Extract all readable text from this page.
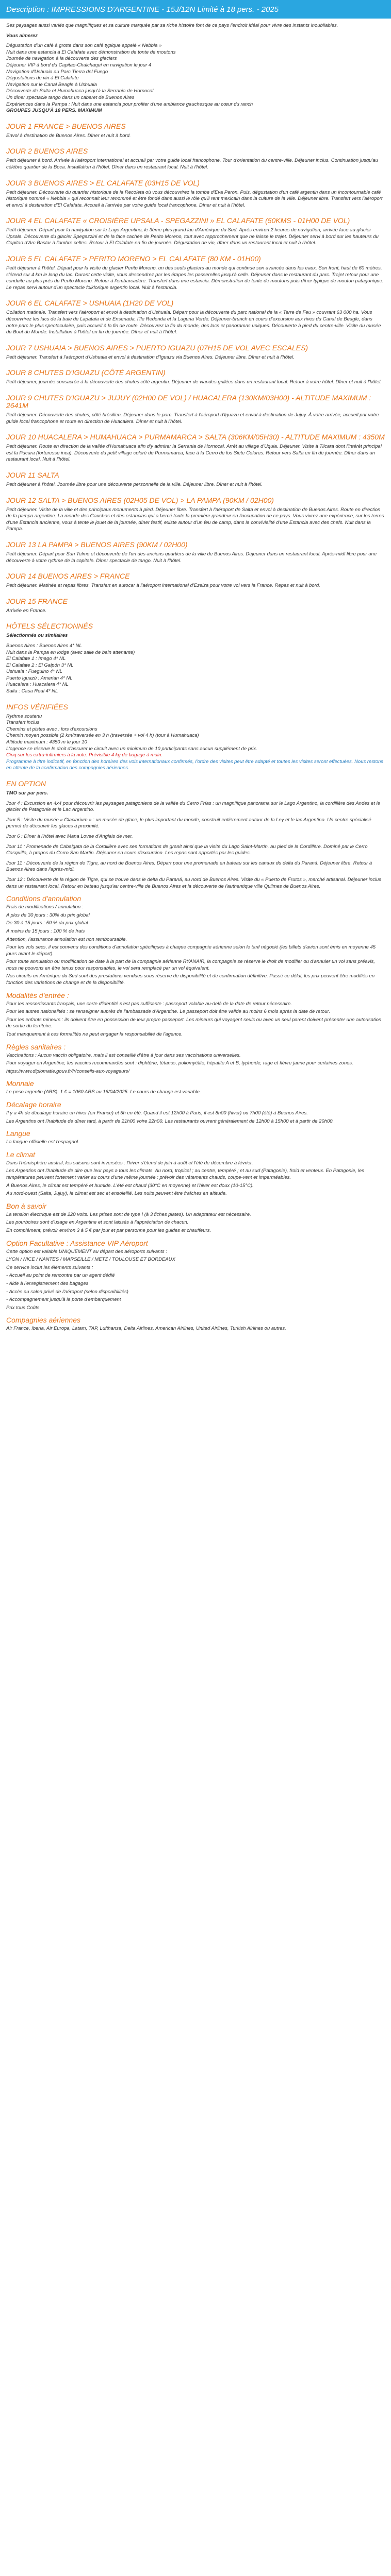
Description : IMPRESSIONS D'ARGENTINE - 15J/12N Limité à 18 pers. - 2025

Ses paysages aussi variés que magnifiques et sa culture marquée par sa riche histoire font de ce pays l'endroit idéal pour vivre des instants inoubliables.

Vous aimerez

Dégustation d'un café à grotte dans son café typique appelé « Nebbia »

Nuit dans une estancia à El Calafate avec démonstration de tonte de moutons

Journée de navigation à la découverte des glaciers

Déjeuner VIP à bord du Capitao-Chalchaquí en navigation le jour 4

Navigation d'Ushuaia au Parc Tierra del Fuego

Dégustations de vin à El Calafate

Navigation sur le Canal Beagle à Ushuaia

Découverte de Salta et Humahuaca jusqu'à la Serrania de Hornocal

Un dîner spectacle tango dans un cabaret de Buenos Aires

Expériences dans la Pampa : Nuit dans une estancia pour profiter d'une ambiance gauchesque au cœur du ranch

GROUPES JUSQU'À 18 PERS. MAXIMUM

JOUR 1 FRANCE > BUENOS AIRES

Envol à destination de Buenos Aires. Dîner et nuit à bord.

JOUR 2 BUENOS AIRES

Petit déjeuner à bord. Arrivée à l'aéroport international et accueil par votre guide local francophone. Tour d'orientation du centre-ville. Déjeuner inclus. Continuation jusqu'au célèbre quartier de la Boca. Installation à l'hôtel. Dîner dans un restaurant local. Nuit à l'hôtel.

JOUR 3 BUENOS AIRES > EL CALAFATE (03H15 DE VOL)

Petit déjeuner. Découverte du quartier historique de la Recoleta où vous découvrirez la tombe d'Eva Peron. Puis, dégustation d'un café argentin dans un incontournable café historique nommé « Nebbia » qui reconnait leur renommé et être fondé dans aussi le rôle qu'il rent mexicain dans la culture de la ville. Déjeuner libre. Transfert vers l'aéroport et envol à destination d'El Calafate. Accueil à l'arrivée par votre guide local francophone. Dîner et nuit à l'hôtel.

JOUR 4 EL CALAFATE « CROISIÈRE UPSALA - SPEGAZZINI » EL CALAFATE (50KMS - 01H00 DE VOL)

Petit déjeuner. Départ pour la navigation sur le Lago Argentino, le 3ème plus grand lac d'Amérique du Sud. Après environ 2 heures de navigation, arrivée face au glacier Upsala. Découverte du glacier Spegazzini et de la face cachée de Perito Moreno, tout avec rapprochement que ne laisse le trajet. Déjeuner servi à bord sur les hauteurs du Capitao d'Arc Bastar à l'ombre celtes. Retour à El Calafate en fin de journée. Dégustation de vin, dîner dans un restaurant local et nuit à l'hôtel.

JOUR 5 EL CALAFATE > PERITO MORENO > EL CALAFATE (80 KM - 01H00)

Petit déjeuner à l'hôtel. Départ pour la visite du glacier Perito Moreno, un des seuls glaciers au monde qui continue son avancée dans les eaux. Son front, haut de 60 mètres, s'étend sur 4 km le long du lac. Durant cette visite, vous descendrez par les étapes les passerelles jusqu'à celle. Déjeuner dans le restaurant du parc. Trajet retour pour une conduite au plus près du Perito Moreno. Retour à l'embarcadère. Transfert dans une estancia. Démonstration de tonte de moutons puis dîner typique de mouton patagonique. Le repas servi autour d'un spectacle folklorique argentin local. Nuit à l'estancia.

JOUR 6 EL CALAFATE > USHUAIA (1H20 DE VOL)

Collation matinale. Transfert vers l'aéroport et envol à destination d'Ushuaia. Départ pour la découverte du parc national de la « Terre de Feu » couvrant 63 000 ha. Vous découvrirez les lacs de la baie de Lapataia et de Ensenada, l'île Redonda et la Laguna Verde. Déjeuner-brunch en cours d'excursion aux rives du Canal de Beagle, dans notre parc le plus spectaculaire, puis accueil à la fin de route. Découvrez la fin du monde, des lacs et panoramas uniques. Découverte à pied du centre-ville. Visite du musée du Bout du Monde. Installation à l'hôtel en fin de journée. Dîner et nuit à l'hôtel.

JOUR 7 USHUAIA > BUENOS AIRES > PUERTO IGUAZU (07H15 DE VOL AVEC ESCALES)

Petit déjeuner. Transfert à l'aéroport d'Ushuaia et envol à destination d'Iguazu via Buenos Aires. Déjeuner libre. Dîner et nuit à l'hôtel.

JOUR 8 CHUTES D'IGUAZU (CÔTÉ ARGENTIN)

Petit déjeuner, journée consacrée à la découverte des chutes côté argentin. Déjeuner de viandes grillées dans un restaurant local. Retour à votre hôtel. Dîner et nuit à l'hôtel.

JOUR 9 CHUTES D'IGUAZU > JUJUY (02H00 DE VOL) / HUACALERA (130KM/03H00) - ALTITUDE MAXIMUM : 2641M

Petit déjeuner. Découverte des chutes, côté brésilien. Déjeuner dans le parc. Transfert à l'aéroport d'Iguazu et envol à destination de Jujuy. À votre arrivée, accueil par votre guide local francophone et route en direction de Huacalera. Dîner et nuit à l'hôtel.

JOUR 10 HUACALERA > HUMAHUACA > PURMAMARCA > SALTA (306KM/05H30) - ALTITUDE MAXIMUM : 4350M

Petit déjeuner. Route en direction de la vallée d'Humahuaca afin d'y admirer la Serrania de Hornocal. Arrêt au village d'Uquia. Déjeuner. Visite à Tilcara dont l'intérêt principal est la Pucara (forteresse inca). Découverte du petit village coloré de Purmamarca, face à la Cerro de los Siete Colores. Retour vers Salta en fin de journée. Dîner dans un restaurant local. Nuit à l'hôtel.

JOUR 11 SALTA

Petit déjeuner à l'hôtel. Journée libre pour une découverte personnelle de la ville. Déjeuner libre. Dîner et nuit à l'hôtel.

JOUR 12 SALTA > BUENOS AIRES (02H05 DE VOL) > LA PAMPA (90KM / 02H00)

Petit déjeuner. Visite de la ville et des principaux monuments à pied. Déjeuner libre. Transfert à l'aéroport de Salta et envol à destination de Buenos Aires. Route en direction de la pampa argentine. La monde des Gauchos et des estancias qui a bercé toute la première grandeur en l'occupation de ce pays. Vous vivrez une expérience, sur les terres d'une Estancia ancienne, vous à tente le jouet de la journée, dîner festif, existe autour d'un feu de camp, dans la convivialité d'une Estancia avec des chefs. Nuit dans la Pampa.

JOUR 13 LA PAMPA > BUENOS AIRES (90KM / 02H00)

Petit déjeuner. Départ pour San Telmo et découverte de l'un des anciens quartiers de la ville de Buenos Aires. Déjeuner dans un restaurant local. Après-midi libre pour une découverte à votre rythme de la capitale. Dîner spectacle de tango. Nuit à l'hôtel.

JOUR 14 BUENOS AIRES > FRANCE

Petit déjeuner. Matinée et repas libres. Transfert en autocar à l'aéroport international d'Ezeiza pour votre vol vers la France. Repas et nuit à bord.

JOUR 15 FRANCE

Arrivée en France.

HÔTELS SÉLECTIONNÉS

Sélectionnés ou similaires

Buenos Aires : Buenos Aires 4* NL
Nuit dans la Pampa en lodge (avec salle de bain attenante)
El Calafate 1 : Imago 4* NL
El Calafate 2 : El Galpón 3* NL
Ushuaia : Fueguino 4* NL
Puerto Iguazú : Amerian 4* NL
Huacalera : Huacalera 4* NL
Salta : Casa Real 4* NL
INFOS VÉRIFIÉES

Rythme soutenu

Transfert inclus

Chemins et pistes avec : lors d'excursions

Chemin moyen possible (2 km/traversée en 3 h (traversée + vol 4 h) (tour à Humahuaca)

Altitude maximum : 4350 m le jour 10

L'agence se réserve le droit d'assurer le circuit avec un minimum de 10 participants sans aucun supplément de prix.

Cinq sur les extra-infirmiers à la note. Prévisible 4 kg de bagage à main.

Programme à titre indicatif, en fonction des horaires des vols internationaux confirmés, l'ordre des visites peut être adapté et toutes les visites seront effectuées. Nous restons en attente de la confirmation des compagnies aériennes.

EN OPTION

TMO sur par pers.

Jour 4 : Excursion en 4x4 pour découvrir les paysages patagoniens de la vallée du Cerro Frías : un magnifique panorama sur le Lago Argentino, la cordillère des Andes et le glacier de Patagonie et le Lac Argentino.

Jour 5 : Visite du musée « Glaciarium » : un musée de glace, le plus important du monde, construit entièrement autour de la Ley et le lac Argentino. Un centre spécialisé permet de découvrir les glaces à proximité.

Jour 6 : Dîner à l'hôtel avec Mana Lovee d'Anglais de mer.

Jour 11 : Promenade de Cabalgata de la Cordillère avec ses formations de granit ainsi que la visite du Lago Saint-Martín, au pied de la Cordillère. Dominé par le Cerro Casquillo, à propos du Cerro San Martin. Déjeuner en cours d'excursion. Les repas sont apportés par les guides.

Jour 11 : Découverte de la région de Tigre, au nord de Buenos Aires. Départ pour une promenade en bateau sur les canaux du delta du Paraná. Déjeuner libre. Retour à Buenos Aires dans l'après-midi.

Jour 12 : Découverte de la région de Tigre, qui se trouve dans le delta du Paraná, au nord de Buenos Aires. Visite du « Puerto de Frutos », marché artisanal. Déjeuner inclus dans un restaurant local. Retour en bateau jusqu'au centre-ville de Buenos Aires et la découverte de l'authentique ville Quilmes de Buenos Aires.

Conditions d'annulation

Frais de modifications / annulation :

A plus de 30 jours : 30% du prix global

De 30 à 15 jours : 50 % du prix global

A moins de 15 jours : 100 % de frais

Attention, l'assurance annulation est non remboursable.

Pour les vols secs, il est convenu des conditions d'annulation spécifiques à chaque compagnie aérienne selon le tarif négocié (les billets d'avion sont émis en moyenne 45 jours avant le départ).

Pour toute annulation ou modification de date à la part de la compagnie aérienne RYANAIR, la compagnie se réserve le droit de modifier ou d'annuler un vol sans préavis, nous ne pouvons en être tenus pour responsables, le vol sera remplacé par un vol équivalent.

Nos circuits en Amérique du Sud sont des prestations vendues sous réserve de disponibilité et de confirmation définitive. Passé ce délai, les prix peuvent être modifiés en fonction des variations de change et de la disponibilité.

Modalités d'entrée :

Pour les ressortissants français, une carte d'identité n'est pas suffisante : passeport valable au-delà de la date de retour nécessaire.

Pour les autres nationalités : se renseigner auprès de l'ambassade d'Argentine. Le passeport doit être valide au moins 6 mois après la date de retour.

Pour les enfants mineurs : ils doivent être en possession de leur propre passeport. Les mineurs qui voyagent seuls ou avec un seul parent doivent présenter une autorisation de sortie du territoire.

Tout manquement à ces formalités ne peut engager la responsabilité de l'agence.

Règles sanitaires :

Vaccinations : Aucun vaccin obligatoire, mais il est conseillé d'être à jour dans ses vaccinations universelles.

Pour voyager en Argentine, les vaccins recommandés sont : diphtérie, tétanos, poliomyélite, hépatite A et B, typhoïde, rage et fièvre jaune pour certaines zones.

https://www.diplomatie.gouv.fr/fr/conseils-aux-voyageurs/

Monnaie

Le peso argentin (ARS). 1 € = 1060 ARS au 16/04/2025. Le cours de change est variable.

Décalage horaire

Il y a 4h de décalage horaire en hiver (en France) et 5h en été. Quand il est 12h00 à Paris, il est 8h00 (hiver) ou 7h00 (été) à Buenos Aires.

Les Argentins ont l'habitude de dîner tard, à partir de 21h00 voire 22h00. Les restaurants ouvrent généralement de 12h00 à 15h00 et à partir de 20h00.

Langue

La langue officielle est l'espagnol.

Le climat

Dans l'hémisphère austral, les saisons sont inversées : l'hiver s'étend de juin à août et l'été de décembre à février.

Les Argentins ont l'habitude de dire que leur pays a tous les climats. Au nord, tropical ; au centre, tempéré ; et au sud (Patagonie), froid et venteux. En Patagonie, les températures peuvent fortement varier au cours d'une même journée : prévoir des vêtements chauds, coupe-vent et imperméables.

À Buenos Aires, le climat est tempéré et humide. L'été est chaud (30°C en moyenne) et l'hiver est doux (10-15°C).

Au nord-ouest (Salta, Jujuy), le climat est sec et ensoleillé. Les nuits peuvent être fraîches en altitude.

Bon à savoir

La tension électrique est de 220 volts. Les prises sont de type I (à 3 fiches plates). Un adaptateur est nécessaire.

Les pourboires sont d'usage en Argentine et sont laissés à l'appréciation de chacun.

En complément, prévoir environ 3 à 5 € par jour et par personne pour les guides et chauffeurs.

Option Facultative : Assistance VIP Aéroport

Cette option est valable UNIQUEMENT au départ des aéroports suivants :

LYON / NICE / NANTES / MARSEILLE / METZ / TOULOUSE ET BORDEAUX

Ce service inclut les éléments suivants :

- Accueil au point de rencontre par un agent dédié

- Aide à l'enregistrement des bagages

- Accès au salon privé de l'aéroport (selon disponibilités)

- Accompagnement jusqu'à la porte d'embarquement

Prix tous Coûts

Compagnies aériennes

Air France, Iberia, Air Europa, Latam, TAP, Lufthansa, Delta Airlines, American Airlines, United Airlines, Turkish Airlines ou autres.
